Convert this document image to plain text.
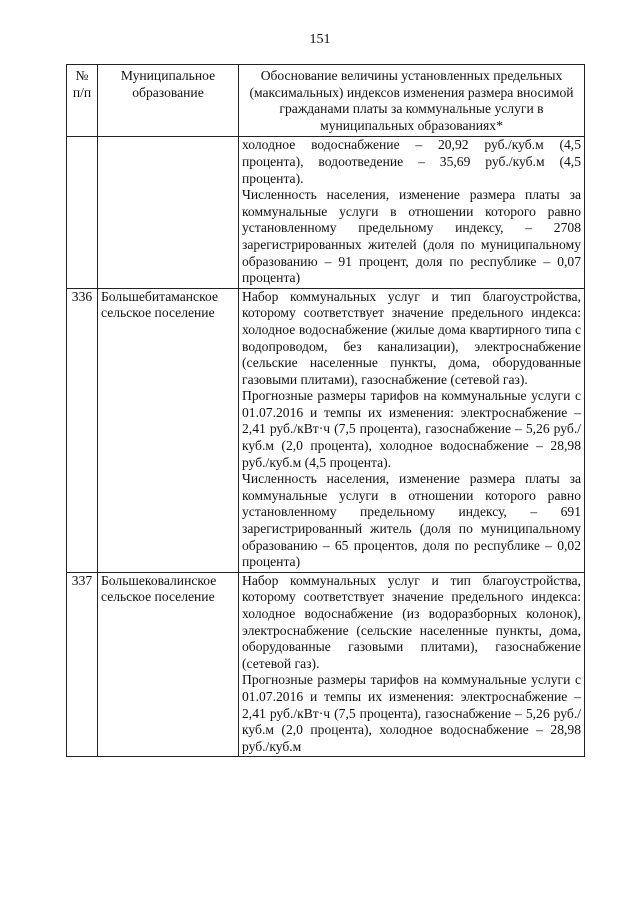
151
№ п/п	Муниципальное образование	Обоснование величины установленных предельных (максимальных) индексов изменения размера вносимой гражданами платы за коммунальные услуги в муниципальных образованиях*

		холодное водоснабжение – 20,92 руб./куб.м (4,5 процента), водоотведение – 35,69 руб./куб.м (4,5 процента).

Численность населения, изменение размера платы за коммунальные услуги в отношении которого равно установленному предельному индексу, – 2708 зарегистрированных жителей (доля по муниципальному образованию – 91 процент, доля по республике – 0,07 процента)

336	Большебитаманское сельское поселение	Набор коммунальных услуг и тип благоустройства, которому соответствует значение предельного индекса: холодное водоснабжение (жилые дома квартирного типа с водопроводом, без канализации), электроснабжение (сельские населенные пункты, дома, оборудованные газовыми плитами), газоснабжение (сетевой газ).

Прогнозные размеры тарифов на коммунальные услуги с 01.07.2016 и темпы их изменения: электроснабжение – 2,41 руб./кВт·ч (7,5 процента), газоснабжение – 5,26 руб./куб.м (2,0 процента), холодное водоснабжение – 28,98 руб./куб.м (4,5 процента).

Численность населения, изменение размера платы за коммунальные услуги в отношении которого равно установленному предельному индексу, – 691 зарегистрированный житель (доля по муниципальному образованию – 65 процентов, доля по республике – 0,02 процента)

337	Большековалинское сельское поселение	Набор коммунальных услуг и тип благоустройства, которому соответствует значение предельного индекса: холодное водоснабжение (из водоразборных колонок), электроснабжение (сельские населенные пункты, дома, оборудованные газовыми плитами), газоснабжение (сетевой газ).

Прогнозные размеры тарифов на коммунальные услуги с 01.07.2016 и темпы их изменения: электроснабжение – 2,41 руб./кВт·ч (7,5 процента), газоснабжение – 5,26 руб./куб.м (2,0 процента), холодное водоснабжение – 28,98 руб./куб.м
